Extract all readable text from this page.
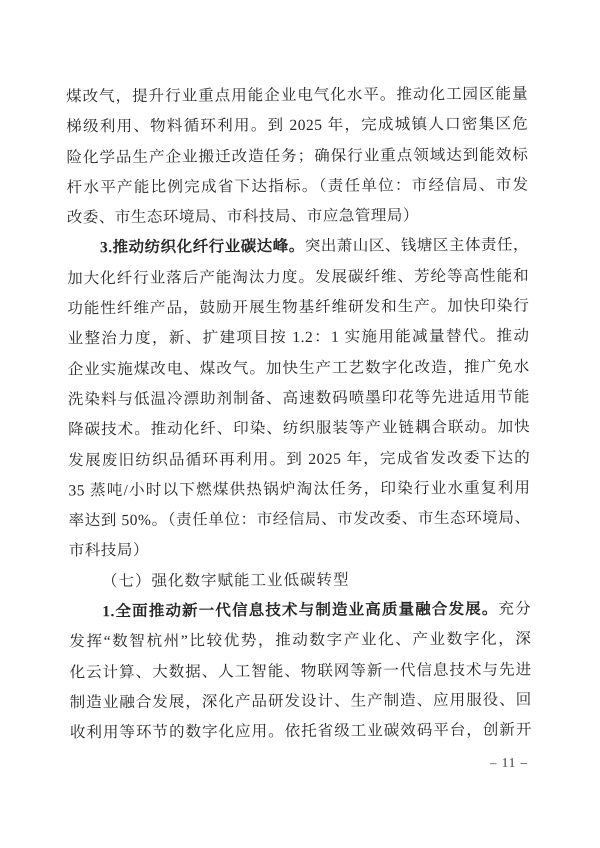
煤改气，提升行业重点用能企业电气化水平。推动化工园区能量
梯级利用、物料循环利用。到 2025 年，完成城镇人口密集区危
险化学品生产企业搬迁改造任务；确保行业重点领域达到能效标
杆水平产能比例完成省下达指标。（责任单位：市经信局、市发
改委、市生态环境局、市科技局、市应急管理局）
3.推动纺织化纤行业碳达峰。突出萧山区、钱塘区主体责任，
加大化纤行业落后产能淘汰力度。发展碳纤维、芳纶等高性能和
功能性纤维产品，鼓励开展生物基纤维研发和生产。加快印染行
业整治力度，新、扩建项目按 1.2：1 实施用能减量替代。推动
企业实施煤改电、煤改气。加快生产工艺数字化改造，推广免水
洗染料与低温冷漂助剂制备、高速数码喷墨印花等先进适用节能
降碳技术。推动化纤、印染、纺织服装等产业链耦合联动。加快
发展废旧纺织品循环再利用。到 2025 年，完成省发改委下达的
35 蒸吨/小时以下燃煤供热锅炉淘汰任务，印染行业水重复利用
率达到 50%。（责任单位：市经信局、市发改委、市生态环境局、
市科技局）
（七）强化数字赋能工业低碳转型
1.全面推动新一代信息技术与制造业高质量融合发展。充分
发挥“数智杭州”比较优势，推动数字产业化、产业数字化，深
化云计算、大数据、人工智能、物联网等新一代信息技术与先进
制造业融合发展，深化产品研发设计、生产制造、应用服役、回
收利用等环节的数字化应用。依托省级工业碳效码平台，创新开
– 11 –
